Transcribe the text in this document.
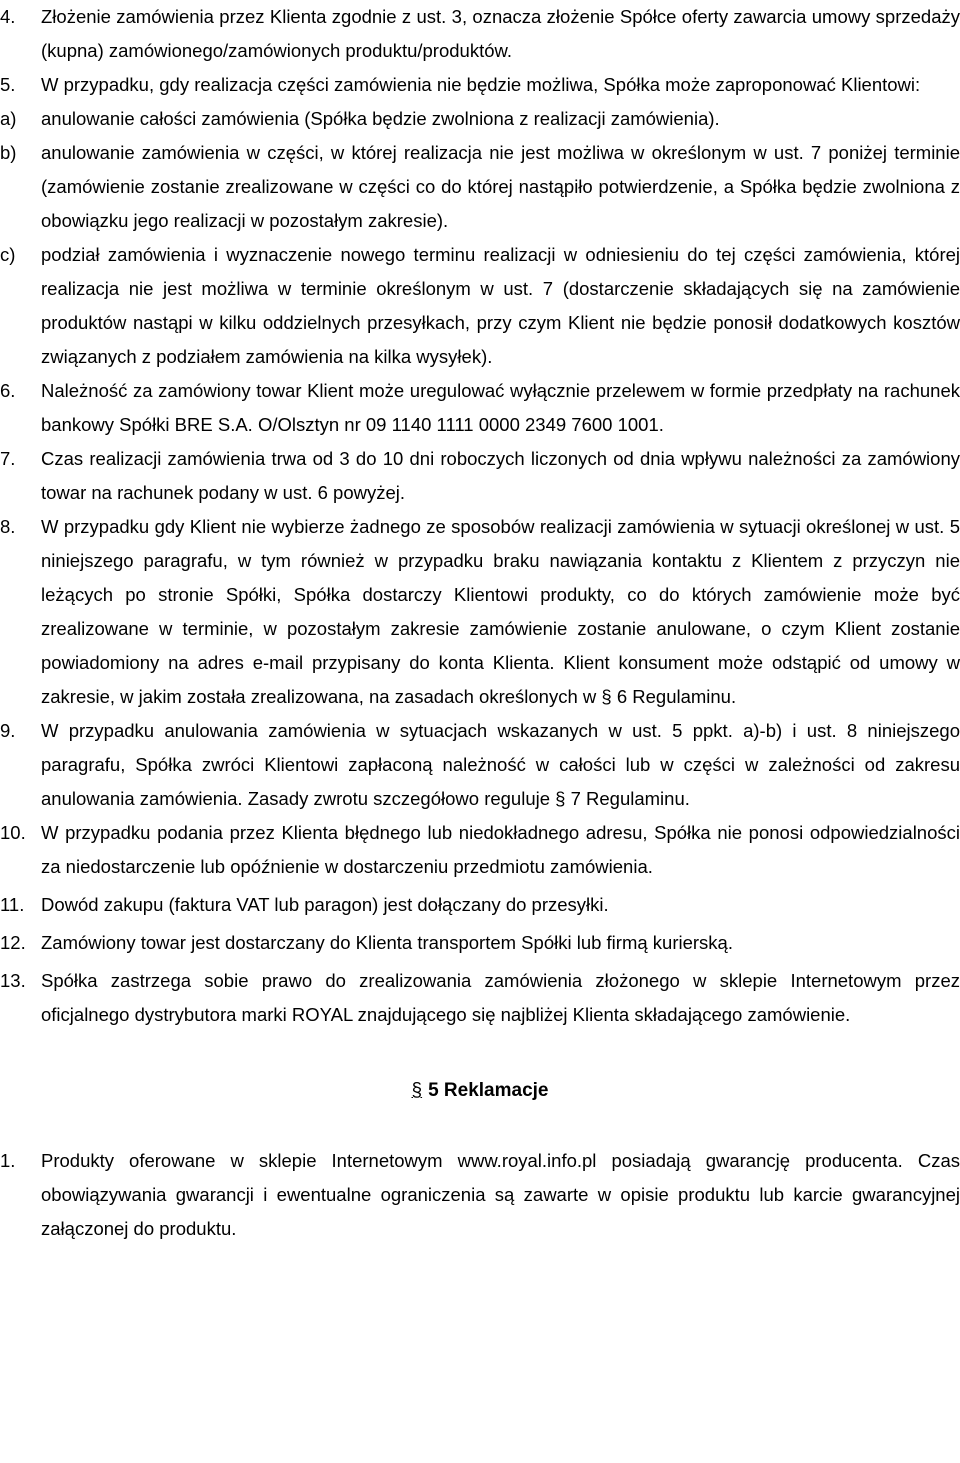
4.	Złożenie zamówienia przez Klienta zgodnie z ust. 3, oznacza złożenie Spółce oferty zawarcia umowy sprzedaży (kupna) zamówionego/zamówionych produktu/produktów.

5.	W przypadku, gdy realizacja części zamówienia nie będzie możliwa, Spółka może zaproponować Klientowi:

a)	anulowanie całości zamówienia (Spółka będzie zwolniona z realizacji zamówienia).

b)	anulowanie zamówienia w części, w której realizacja nie jest możliwa w określonym w ust. 7 poniżej terminie (zamówienie zostanie zrealizowane w części co do której nastąpiło potwierdzenie, a Spółka będzie zwolniona z obowiązku jego realizacji w pozostałym zakresie).

c)	podział zamówienia i wyznaczenie nowego terminu realizacji w odniesieniu do tej części zamówienia, której realizacja nie jest możliwa w terminie określonym w ust. 7 (dostarczenie składających się na zamówienie produktów nastąpi w kilku oddzielnych przesyłkach, przy czym Klient nie będzie ponosił dodatkowych kosztów związanych z podziałem zamówienia na kilka wysyłek).

6.	Należność za zamówiony towar Klient może uregulować wyłącznie przelewem w formie przedpłaty na rachunek bankowy Spółki BRE S.A. O/Olsztyn nr 09 1140 1111 0000 2349 7600 1001.

7.	Czas realizacji zamówienia trwa od 3 do 10 dni roboczych liczonych od dnia wpływu należności za zamówiony towar na rachunek podany w ust. 6 powyżej.

8.	W przypadku gdy Klient nie wybierze żadnego ze sposobów realizacji zamówienia w sytuacji określonej w ust. 5 niniejszego paragrafu, w tym również w przypadku braku nawiązania kontaktu z Klientem z przyczyn nie leżących po stronie Spółki, Spółka dostarczy Klientowi produkty, co do których zamówienie może być zrealizowane w terminie, w pozostałym zakresie zamówienie zostanie anulowane, o czym Klient zostanie powiadomiony na adres e-mail przypisany do konta Klienta. Klient konsument może odstąpić od umowy w zakresie, w jakim została zrealizowana, na zasadach określonych w § 6 Regulaminu.

9.	W przypadku anulowania zamówienia w sytuacjach wskazanych w ust. 5 ppkt. a)-b) i ust. 8 niniejszego paragrafu, Spółka zwróci Klientowi zapłaconą należność w całości lub w części w zależności od zakresu anulowania zamówienia. Zasady zwrotu szczegółowo reguluje § 7 Regulaminu.

10. W przypadku podania przez Klienta błędnego lub niedokładnego adresu, Spółka nie ponosi odpowiedzialności za niedostarczenie lub opóźnienie w dostarczeniu przedmiotu zamówienia.

11. Dowód zakupu (faktura VAT lub paragon) jest dołączany do przesyłki.

12. Zamówiony towar jest dostarczany do Klienta transportem Spółki lub firmą kurierską.

13. Spółka zastrzega sobie prawo do zrealizowania zamówienia złożonego w sklepie Internetowym przez oficjalnego dystrybutora marki ROYAL znajdującego się najbliżej Klienta składającego zamówienie.

§ 5 Reklamacje

1.	Produkty oferowane w sklepie Internetowym www.royal.info.pl posiadają gwarancję producenta. Czas obowiązywania gwarancji i ewentualne ograniczenia są zawarte w opisie produktu lub karcie gwarancyjnej załączonej do produktu.
